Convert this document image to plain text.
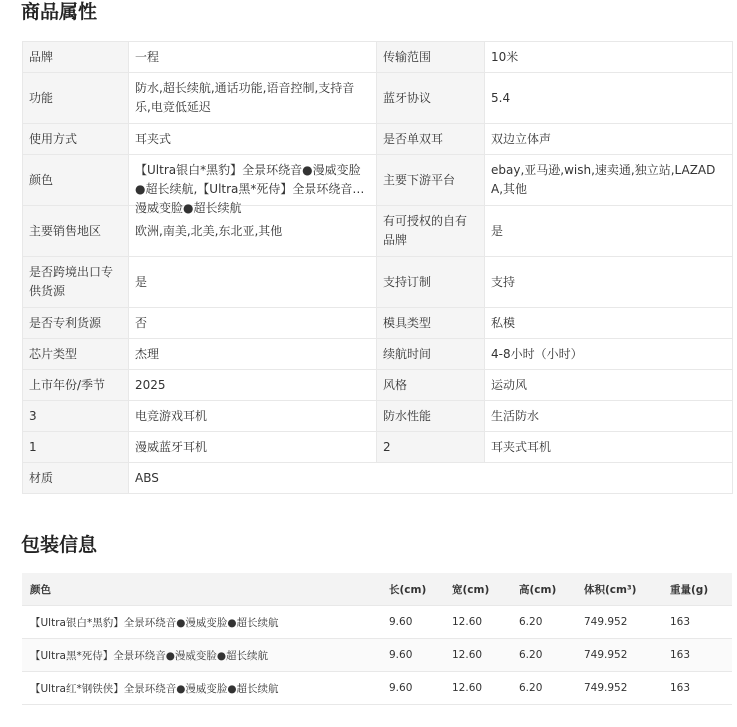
商品属性
品牌	一程	传输范围	10米
功能	防水,超长续航,通话功能,语音控制,支持音乐,电竞低延迟	蓝牙协议	5.4
使用方式	耳夹式	是否单双耳	双边立体声
颜色	【Ultra银白*黑豹】全景环绕音●漫威变脸●超长续航,【Ultra黑*死侍】全景环绕音●漫威变脸●超长续航	主要下游平台	ebay,亚马逊,wish,速卖通,独立站,LAZADA,其他
主要销售地区	欧洲,南美,北美,东北亚,其他	有可授权的自有品牌	是
是否跨境出口专供货源	是	支持订制	支持
是否专利货源	否	模具类型	私模
芯片类型	杰理	续航时间	4-8小时（小时）
上市年份/季节	2025	风格	运动风
3	电竞游戏耳机	防水性能	生活防水
1	漫威蓝牙耳机	2	耳夹式耳机
材质	ABS		
包装信息
颜色	长(cm)	宽(cm)	高(cm)	体积(cm³)	重量(g)
【Ultra银白*黑豹】全景环绕音●漫威变脸●超长续航	9.60	12.60	6.20	749.952	163
【Ultra黑*死侍】全景环绕音●漫威变脸●超长续航	9.60	12.60	6.20	749.952	163
【Ultra红*钢铁侠】全景环绕音●漫威变脸●超长续航	9.60	12.60	6.20	749.952	163
